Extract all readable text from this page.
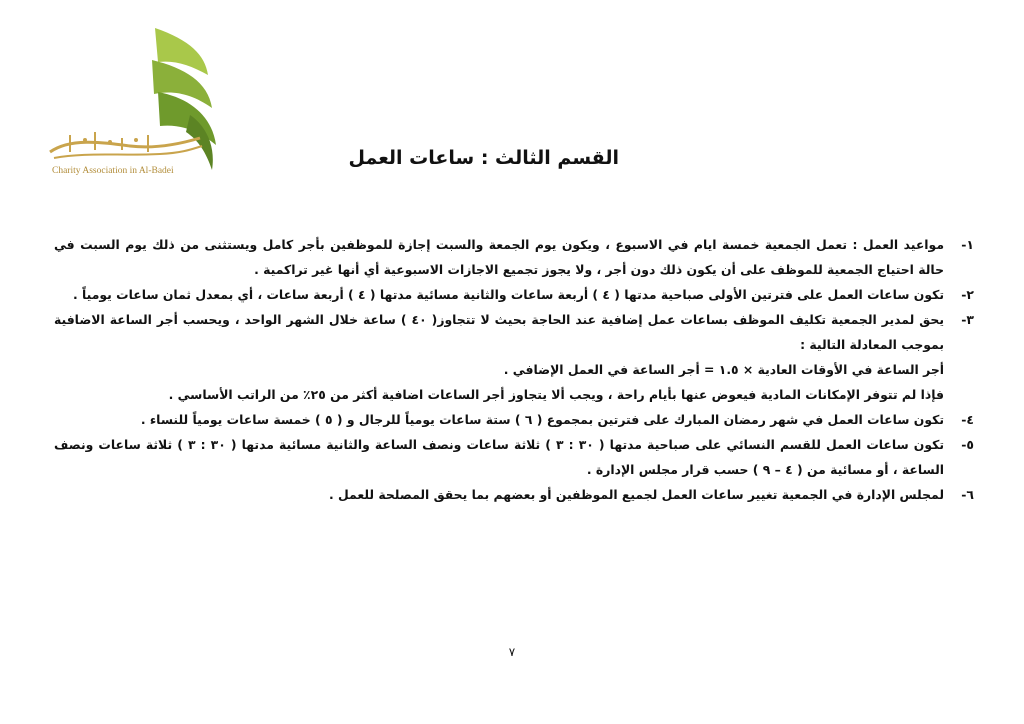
Charity Association in Al-Badei
القسم الثالث : ساعات العمل
١-

مواعيد العمل : تعمل الجمعية خمسة ايام في الاسبوع ، ويكون يوم الجمعة والسبت إجازة للموظفين بأجر كامل ويستثنى من ذلك يوم السبت في حالة احتياج الجمعية للموظف على أن يكون ذلك دون أجر ، ولا يجوز تجميع الاجازات الاسبوعية أي أنها غير تراكمية .

٢-

تكون ساعات العمل على فترتين الأولى صباحية مدتها ( ٤ ) أربعة ساعات والثانية مسائية مدتها ( ٤ ) أربعة ساعات ، أي بمعدل ثمان ساعات يومياً .

٣-

يحق لمدير الجمعية تكليف الموظف بساعات عمل إضافية عند الحاجة بحيث لا تتجاوز( ٤٠ ) ساعة خلال الشهر الواحد ، ويحسب أجر الساعة الاضافية بموجب المعادلة التالية :

أجر الساعة في الأوقات العادية × ١.٥ = أجر الساعة في العمل الإضافي .

فإذا لم تتوفر الإمكانات المادية فيعوض عنها بأيام راحة ، ويجب ألا يتجاوز أجر الساعات اضافية أكثر من ٢٥٪ من الراتب الأساسي .

٤-

تكون ساعات العمل في شهر رمضان المبارك على فترتين بمجموع ( ٦ ) ستة ساعات يومياً للرجال و ( ٥ ) خمسة ساعات يومياً للنساء .

٥-

تكون ساعات العمل للقسم النسائي على صباحية مدتها ( ٣٠ : ٣ ) ثلاثة ساعات ونصف الساعة والثانية مسائية مدتها ( ٣٠ : ٣ ) ثلاثة ساعات ونصف الساعة ، أو مسائية من ( ٤ – ٩ ) حسب قرار مجلس الإدارة .

٦-

لمجلس الإدارة في الجمعية تغيير ساعات العمل لجميع الموظفين أو بعضهم بما يحقق المصلحة للعمل .

٧
